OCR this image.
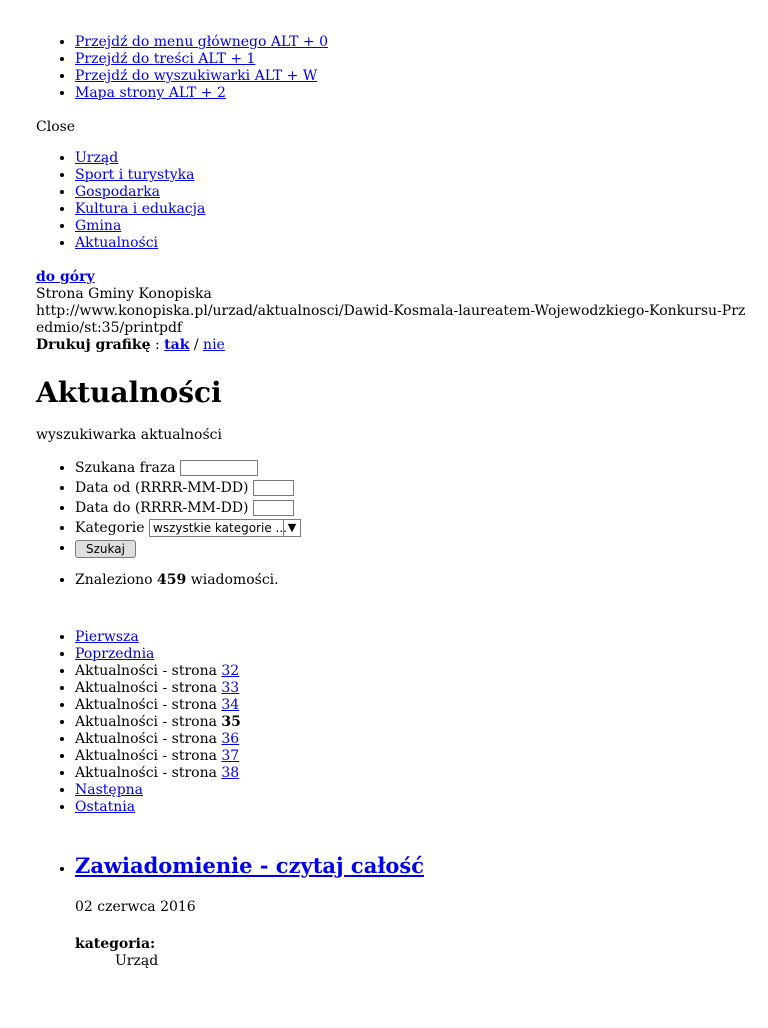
• Przejdź do menu głównego ALT + 0
• Przejdź do treści ALT + 1
• Przejdź do wyszukiwarki ALT + W
• Mapa strony ALT + 2

Close

• Urząd
• Sport i turystyka
• Gospodarka
• Kultura i edukacja
• Gmina
• Aktualności
do góry

Strona Gminy Konopiska

http://www.konopiska.pl/urzad/aktualnosci/Dawid-Kosmala-laureatem-Wojewodzkiego-Konkursu-Przedmio/st:35/printpdf

Drukuj grafikę : tak / nie

Aktualności

wyszukiwarka aktualności

• Szukana fraza
• Data od (RRRR-MM-DD)
• Data do (RRRR-MM-DD)
• Kategorie wszystkie kategorie ... ▼
• Szukaj
• Znaleziono 459 wiadomości.
• Pierwsza
• Poprzednia
• Aktualności - strona 32
• Aktualności - strona 33
• Aktualności - strona 34
• Aktualności - strona 35
• Aktualności - strona 36
• Aktualności - strona 37
• Aktualności - strona 38
• Następna
• Ostatnia
• Zawiadomienie - czytaj całość

02 czerwca 2016

kategoria:
Urząd
